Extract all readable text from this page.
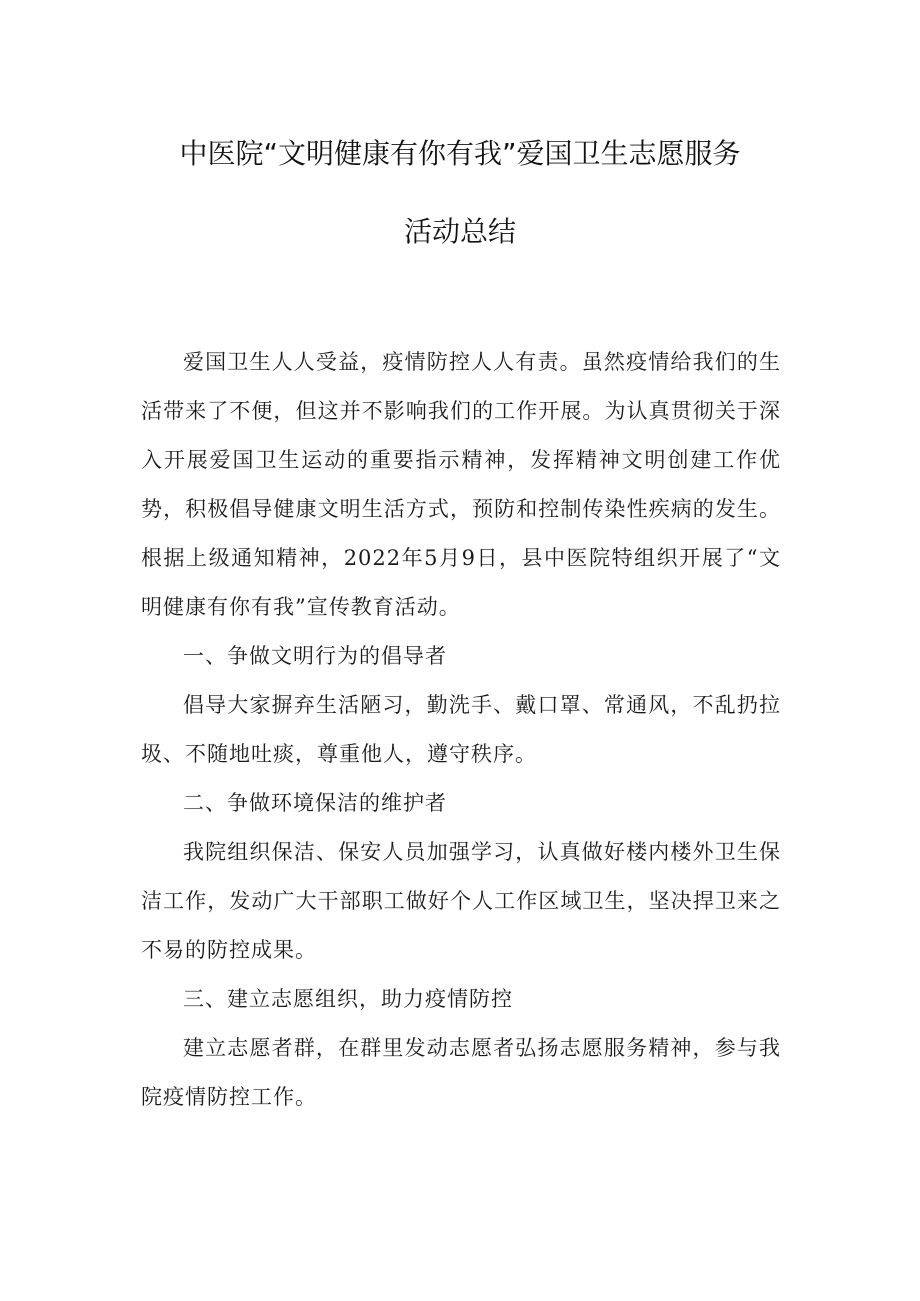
中医院“文明健康有你有我”爱国卫生志愿服务
活动总结

爱国卫生人人受益，疫情防控人人有责。虽然疫情给我们的生活带来了不便，但这并不影响我们的工作开展。为认真贯彻关于深入开展爱国卫生运动的重要指示精神，发挥精神文明创建工作优势，积极倡导健康文明生活方式，预防和控制传染性疾病的发生。根据上级通知精神，2022年5月9日，县中医院特组织开展了“文明健康有你有我”宣传教育活动。

一、争做文明行为的倡导者

倡导大家摒弃生活陋习，勤洗手、戴口罩、常通风，不乱扔拉圾、不随地吐痰，尊重他人，遵守秩序。

二、争做环境保洁的维护者

我院组织保洁、保安人员加强学习，认真做好楼内楼外卫生保洁工作，发动广大干部职工做好个人工作区域卫生，坚决捍卫来之不易的防控成果。

三、建立志愿组织，助力疫情防控

建立志愿者群，在群里发动志愿者弘扬志愿服务精神，参与我院疫情防控工作。
